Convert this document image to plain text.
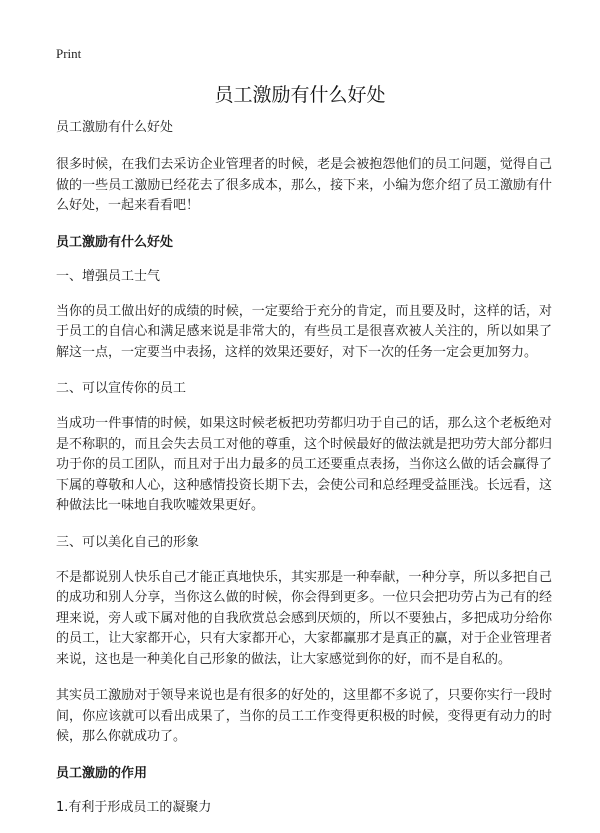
Print
员工激励有什么好处
员工激励有什么好处

很多时候，在我们去采访企业管理者的时候，老是会被抱怨他们的员工问题，觉得自己做的一些员工激励已经花去了很多成本，那么，接下来，小编为您介绍了员工激励有什么好处，一起来看看吧！

员工激励有什么好处
一、增强员工士气

当你的员工做出好的成绩的时候，一定要给于充分的肯定，而且要及时，这样的话，对于员工的自信心和满足感来说是非常大的，有些员工是很喜欢被人关注的，所以如果了解这一点，一定要当中表扬，这样的效果还要好，对下一次的任务一定会更加努力。

二、可以宣传你的员工

当成功一件事情的时候，如果这时候老板把功劳都归功于自己的话，那么这个老板绝对是不称职的，而且会失去员工对他的尊重，这个时候最好的做法就是把功劳大部分都归功于你的员工团队，而且对于出力最多的员工还要重点表扬，当你这么做的话会赢得了下属的尊敬和人心，这种感情投资长期下去，会使公司和总经理受益匪浅。长远看，这种做法比一味地自我吹嘘效果更好。

三、可以美化自己的形象

不是都说别人快乐自己才能正真地快乐，其实那是一种奉献，一种分享，所以多把自己的成功和别人分享，当你这么做的时候，你会得到更多。一位只会把功劳占为己有的经理来说，旁人或下属对他的自我欣赏总会感到厌烦的，所以不要独占，多把成功分给你的员工，让大家都开心，只有大家都开心，大家都赢那才是真正的赢，对于企业管理者来说，这也是一种美化自己形象的做法，让大家感觉到你的好，而不是自私的。

其实员工激励对于领导来说也是有很多的好处的，这里都不多说了，只要你实行一段时间，你应该就可以看出成果了，当你的员工工作变得更积极的时候，变得更有动力的时候，那么你就成功了。

员工激励的作用
1.有利于形成员工的凝聚力
